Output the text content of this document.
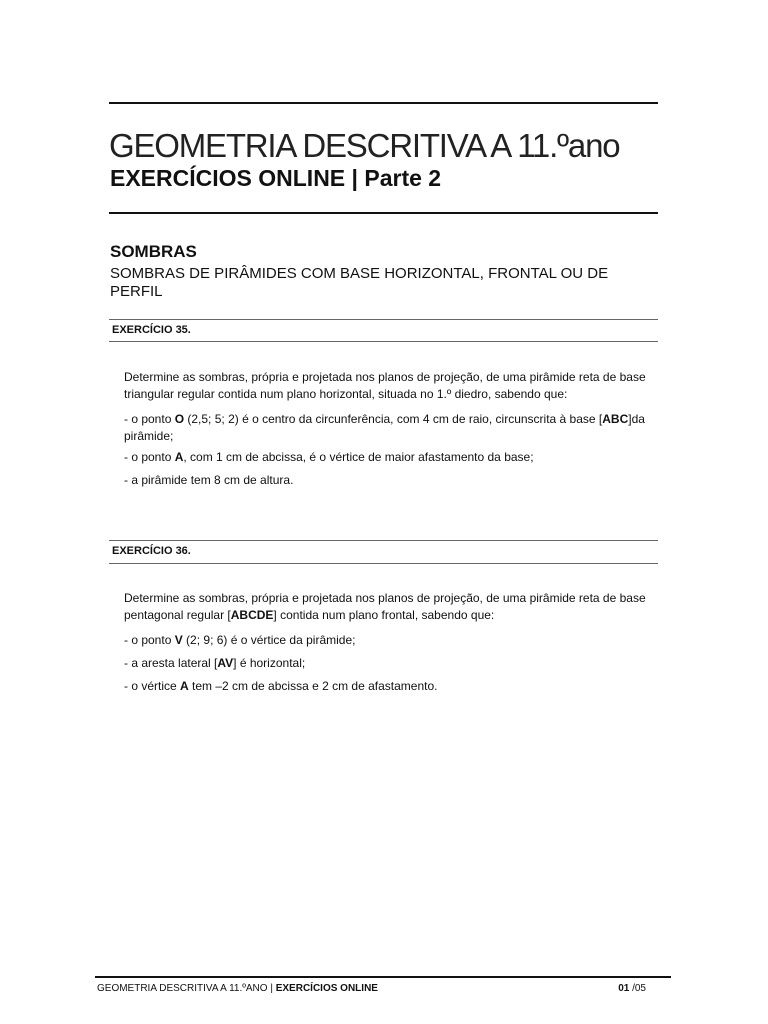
GEOMETRIA DESCRITIVA A 11.ºano
EXERCÍCIOS ONLINE | Parte 2
SOMBRAS
SOMBRAS DE PIRÂMIDES COM BASE HORIZONTAL, FRONTAL OU DE PERFIL
EXERCÍCIO 35.
Determine as sombras, própria e projetada nos planos de projeção, de uma pirâmide reta de base triangular regular contida num plano horizontal, situada no 1.º diedro, sabendo que:
- o ponto O (2,5; 5; 2) é o centro da circunferência, com 4 cm de raio, circunscrita à base [ABC]da pirâmide;
- o ponto A, com 1 cm de abcissa, é o vértice de maior afastamento da base;
- a pirâmide tem 8 cm de altura.
EXERCÍCIO 36.
Determine as sombras, própria e projetada nos planos de projeção, de uma pirâmide reta de base pentagonal regular [ABCDE] contida num plano frontal, sabendo que:
- o ponto V (2; 9; 6) é o vértice da pirâmide;
- a aresta lateral [AV] é horizontal;
- o vértice A tem –2 cm de abcissa e 2 cm de afastamento.
GEOMETRIA DESCRITIVA A 11.ºANO | EXERCÍCIOS ONLINE	01 /05
